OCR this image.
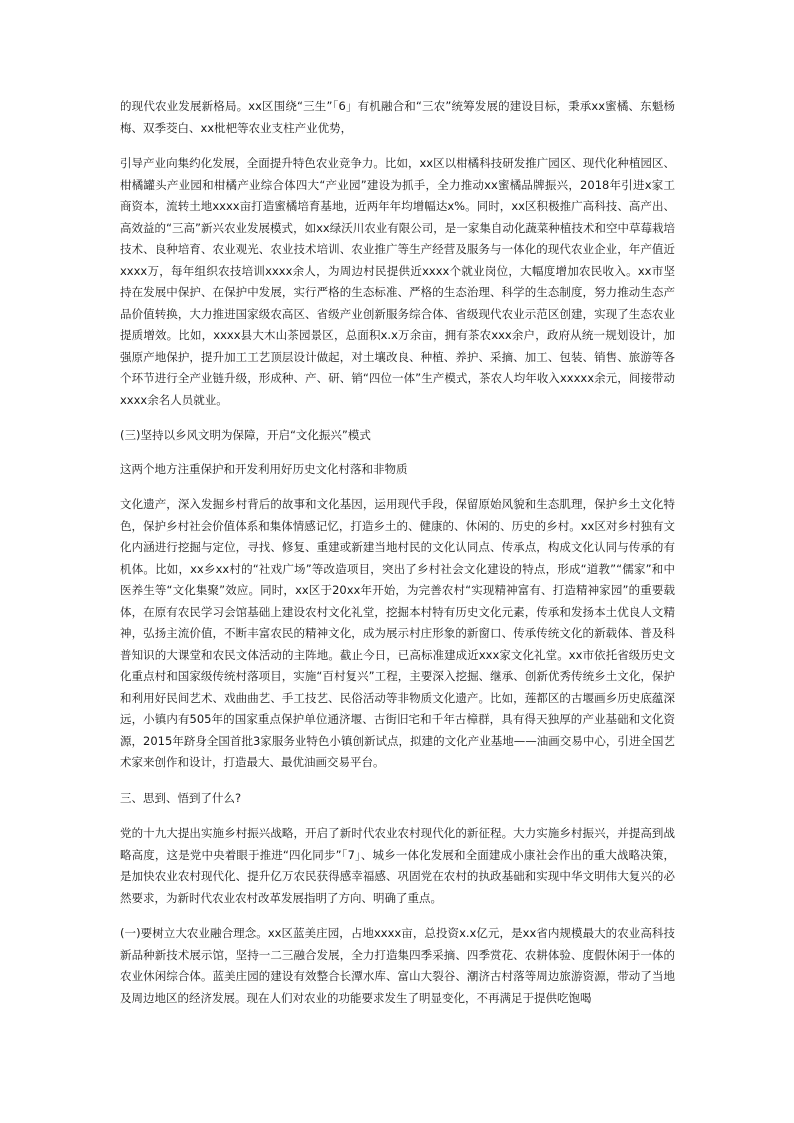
的现代农业发展新格局。xx区围绕“三生”「6」有机融合和“三农”统筹发展的建设目标，秉承xx蜜橘、东魁杨梅、双季茭白、xx枇杷等农业支柱产业优势，

引导产业向集约化发展，全面提升特色农业竞争力。比如，xx区以柑橘科技研发推广园区、现代化种植园区、柑橘罐头产业园和柑橘产业综合体四大“产业园”建设为抓手，全力推动xx蜜橘品牌振兴，2018年引进x家工商资本，流转土地xxxx亩打造蜜橘培育基地，近两年年均增幅达x%。同时，xx区积极推广高科技、高产出、高效益的“三高”新兴农业发展模式，如xx绿沃川农业有限公司，是一家集自动化蔬菜种植技术和空中草莓栽培技术、良种培育、农业观光、农业技术培训、农业推广等生产经营及服务与一体化的现代农业企业，年产值近xxxx万，每年组织农技培训xxxx余人，为周边村民提供近xxxx个就业岗位，大幅度增加农民收入。xx市坚持在发展中保护、在保护中发展，实行严格的生态标准、严格的生态治理、科学的生态制度，努力推动生态产品价值转换，大力推进国家级农高区、省级产业创新服务综合体、省级现代农业示范区创建，实现了生态农业提质增效。比如，xxxx县大木山茶园景区，总面积x.x万余亩，拥有茶农xxx余户，政府从统一规划设计，加强原产地保护，提升加工工艺顶层设计做起，对土壤改良、种植、养护、采摘、加工、包装、销售、旅游等各个环节进行全产业链升级，形成种、产、研、销“四位一体”生产模式，茶农人均年收入xxxxx余元，间接带动xxxx余名人员就业。

(三)坚持以乡风文明为保障，开启“文化振兴”模式

这两个地方注重保护和开发利用好历史文化村落和非物质

文化遗产，深入发掘乡村背后的故事和文化基因，运用现代手段，保留原始风貌和生态肌理，保护乡土文化特色，保护乡村社会价值体系和集体情感记忆，打造乡土的、健康的、休闲的、历史的乡村。xx区对乡村独有文化内涵进行挖掘与定位，寻找、修复、重建或新建当地村民的文化认同点、传承点，构成文化认同与传承的有机体。比如，xx乡xx村的“社戏广场”等改造项目，突出了乡村社会文化建设的特点，形成“道教”“儒家”和中医养生等“文化集聚”效应。同时，xx区于20xx年开始，为完善农村“实现精神富有、打造精神家园”的重要载体，在原有农民学习会馆基础上建设农村文化礼堂，挖掘本村特有历史文化元素，传承和发扬本土优良人文精神，弘扬主流价值，不断丰富农民的精神文化，成为展示村庄形象的新窗口、传承传统文化的新载体、普及科普知识的大课堂和农民文体活动的主阵地。截止今日，已高标准建成近xxx家文化礼堂。xx市依托省级历史文化重点村和国家级传统村落项目，实施“百村复兴”工程，主要深入挖掘、继承、创新优秀传统乡土文化，保护和利用好民间艺术、戏曲曲艺、手工技艺、民俗活动等非物质文化遗产。比如，莲都区的古堰画乡历史底蕴深远，小镇内有505年的国家重点保护单位通济堰、古街旧宅和千年古樟群，具有得天独厚的产业基础和文化资源，2015年跻身全国首批3家服务业特色小镇创新试点，拟建的文化产业基地——油画交易中心，引进全国艺术家来创作和设计，打造最大、最优油画交易平台。

三、思到、悟到了什么?

党的十九大提出实施乡村振兴战略，开启了新时代农业农村现代化的新征程。大力实施乡村振兴，并提高到战略高度，这是党中央着眼于推进“四化同步”「7」、城乡一体化发展和全面建成小康社会作出的重大战略决策，是加快农业农村现代化、提升亿万农民获得感幸福感、巩固党在农村的执政基础和实现中华文明伟大复兴的必然要求，为新时代农业农村改革发展指明了方向、明确了重点。

(一)要树立大农业融合理念。xx区蓝美庄园，占地xxxx亩，总投资x.x亿元，是xx省内规模最大的农业高科技新品种新技术展示馆，坚持一二三融合发展，全力打造集四季采摘、四季赏花、农耕体验、度假休闲于一体的农业休闲综合体。蓝美庄园的建设有效整合长潭水库、富山大裂谷、潮济古村落等周边旅游资源，带动了当地及周边地区的经济发展。现在人们对农业的功能要求发生了明显变化，不再满足于提供吃饱喝
